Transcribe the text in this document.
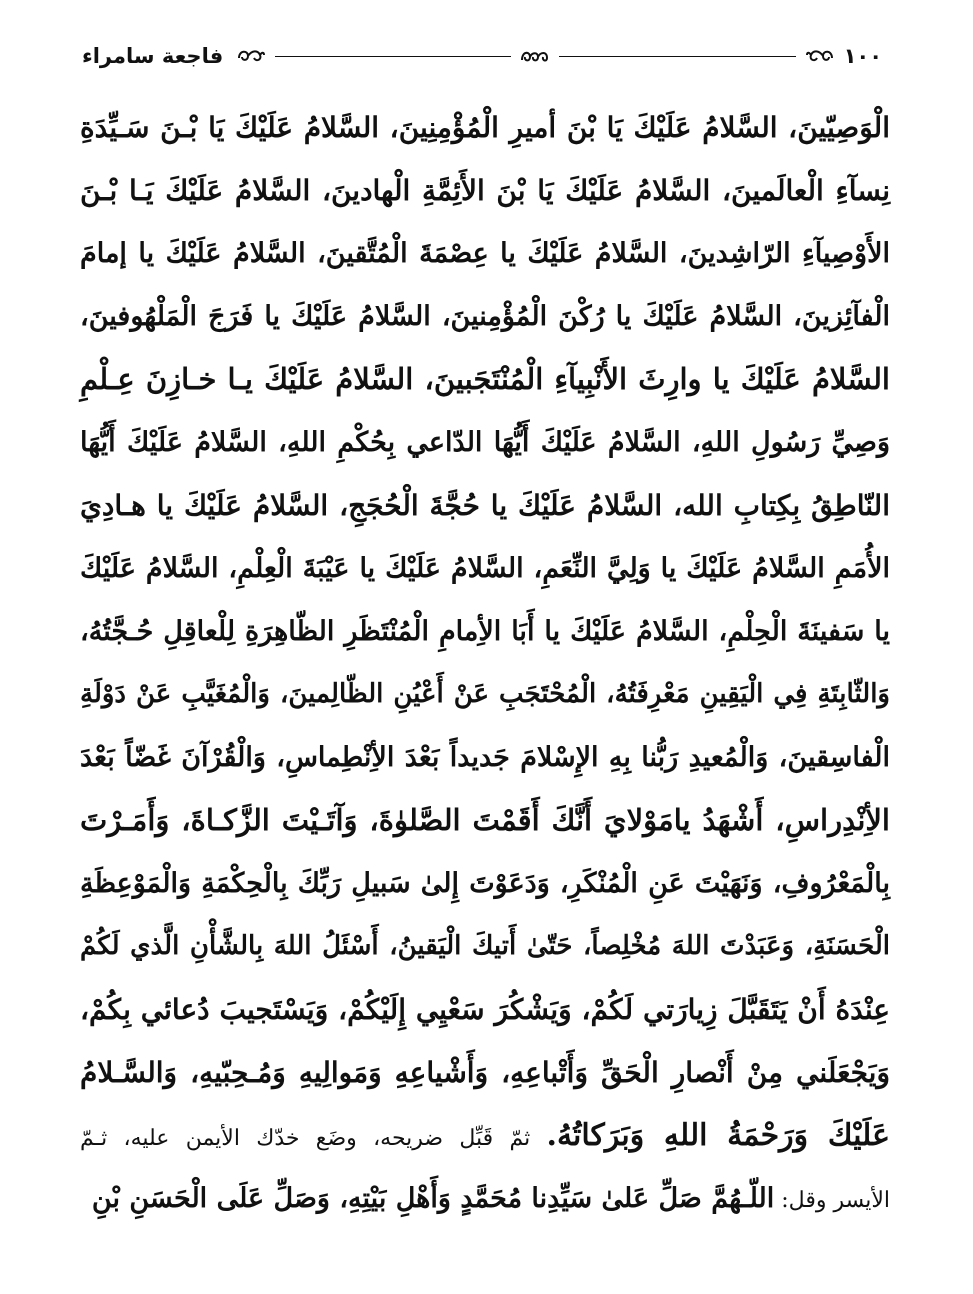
فاجعة سامراء	١٠٠
الْوَصِيّينَ، السَّلامُ عَلَيْكَ يَا بْنَ أميرِ الْمُؤْمِنِينَ، السَّلامُ عَلَيْكَ يَا بْـنَ سَـيِّدَةِ
نِسآءِ الْعالَمينَ، السَّلامُ عَلَيْكَ يَا بْنَ الأَئِمَّةِ الْهادينَ، السَّلامُ عَلَيْكَ يَـا بْـنَ
الأَوْصِيآءِ الرّاشِدينَ، السَّلامُ عَلَيْكَ يا عِصْمَةَ الْمُتَّقينَ، السَّلامُ عَلَيْكَ يا إمامَ
الْفآئِزينَ، السَّلامُ عَلَيْكَ يا رُكْنَ الْمُؤْمِنينَ، السَّلامُ عَلَيْكَ يا فَرَجَ الْمَلْهُوفينَ،
السَّلامُ عَلَيْكَ يا وارِثَ الأَنْبِيآءِ الْمُنْتَجَبينَ، السَّلامُ عَلَيْكَ يـا خـازِنَ عِـلْمِ
وَصِيِّ رَسُولِ اللهِ، السَّلامُ عَلَيْكَ أَيُّهَا الدّاعي بِحُكْمِ اللهِ، السَّلامُ عَلَيْكَ أَيُّهَا
النّاطِقُ بِكِتابِ الله، السَّلامُ عَلَيْكَ يا حُجَّةَ الْحُجَجِ، السَّلامُ عَلَيْكَ يا هـادِيَ
الأُمَمِ السَّلامُ عَلَيْكَ يا وَلِيَّ النِّعَمِ، السَّلامُ عَلَيْكَ يا عَيْبَةَ الْعِلْمِ، السَّلامُ عَلَيْكَ
يا سَفينَةَ الْحِلْمِ، السَّلامُ عَلَيْكَ يا أَبَا الأِمامِ الْمُنْتَظَرِ الظّاهِرَةِ لِلْعاقِلِ حُـجَّتُهُ،
وَالثّابِتَةِ فِي الْيَقِينِ مَعْرِفَتُهُ، الْمُحْتَجَبِ عَنْ أَعْيُنِ الظّالِمينَ، وَالْمُغَيَّبِ عَنْ دَوْلَةِ
الْفاسِقينَ، وَالْمُعيدِ رَبُّنا بِهِ الإِسْلامَ جَديداً بَعْدَ الأِنْطِماسِ، وَالْقُرْآنَ غَضّاً بَعْدَ
الأِنْدِراسِ، أَشْهَدُ يامَوْلايَ أَنَّكَ أَقَمْتَ الصَّلوٰةَ، وَآتَـيْتَ الزَّكـاةَ، وَأَمَـرْتَ
بِالْمَعْرُوفِ، وَنَهَيْتَ عَنِ الْمُنْكَرِ، وَدَعَوْتَ إِلىٰ سَبيلِ رَبِّكَ بِالْحِكْمَةِ وَالْمَوْعِظَةِ
الْحَسَنَةِ، وَعَبَدْتَ اللهَ مُخْلِصاً، حَتّىٰ أَتيكَ الْيَقينُ، أَسْئَلُ اللهَ بِالشَّأْنِ الَّذي لَكُمْ
عِنْدَهُ أَنْ يَتَقَبَّلَ زِيارَتي لَكُمْ، وَيَشْكُرَ سَعْيِي إِلَيْكُمْ، وَيَسْتَجيبَ دُعائي بِكُمْ،
وَيَجْعَلَني مِنْ أَنْصارِ الْحَقِّ وَأَتْباعِهِ، وَأَشْياعِهِ وَمَوالِيهِ وَمُـحِبّيهِ، وَالسَّـلامُ
عَلَيْكَ وَرَحْمَةُ اللهِ وَبَرَكاتُهُ. ثمّ قَبِّل ضريحه، وضَع خدّك الأيمن عليه، ثـمّ
الأيسر وقل: اللّـهُمَّ صَلِّ عَلىٰ سَيِّدِنا مُحَمَّدٍ وَأَهْلِ بَيْتِهِ، وَصَلِّ عَلَى الْحَسَنِ بْنِ
